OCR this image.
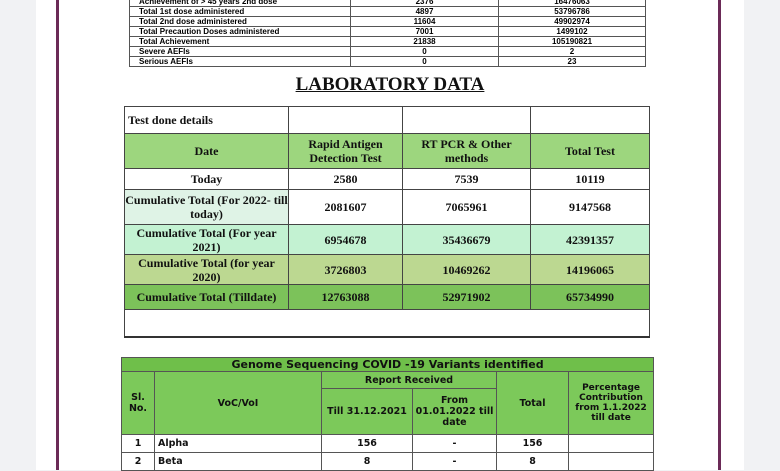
Achievement of > 45 years 2nd dose	2376	16476063
Total 1st dose administered	4897	53796786
Total 2nd dose administered	11604	49902974
Total Precaution Doses administered	7001	1499102
Total Achievement	21838	105190821
Severe AEFIs	0	2
Serious AEFIs	0	23
LABORATORY DATA
Test done details			
Date	Rapid Antigen Detection Test	RT PCR & Other methods	Total Test
Today	2580	7539	10119
Cumulative Total (For 2022- till today)	2081607	7065961	9147568
Cumulative Total (For year 2021)	6954678	35436679	42391357
Cumulative Total (for year 2020)	3726803	10469262	14196065
Cumulative Total (Tilldate)	12763088	52971902	65734990

Genome Sequencing COVID -19 Variants identified					
Sl. No.	VoC/VoI	Report Received		Total	Percentage Contribution from 1.1.2022 till date
		Till 31.12.2021	From 01.01.2022 till date		
1	Alpha	156	-	156	
2	Beta	8	-	8	
